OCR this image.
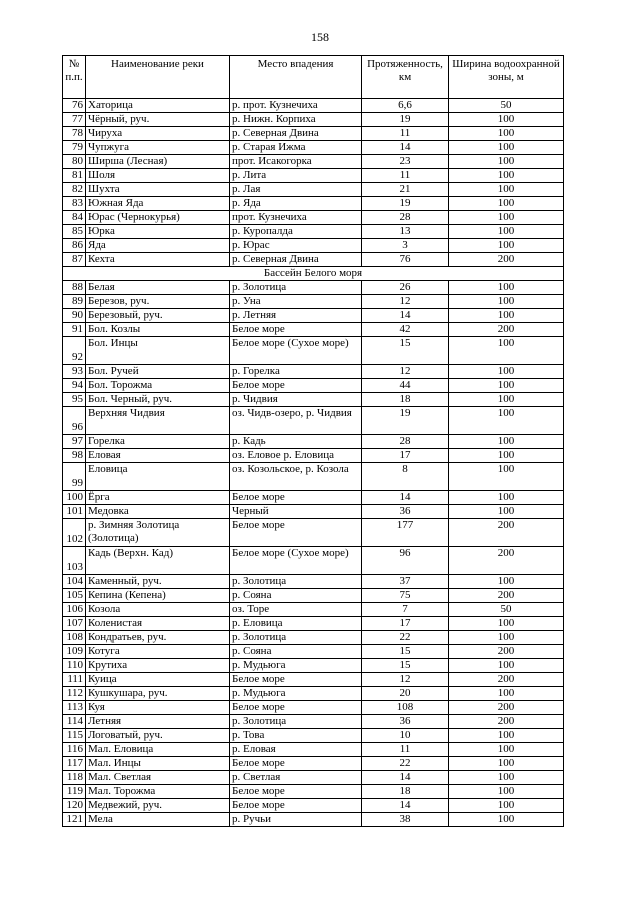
158
№ п.п.	Наименование реки	Место впадения	Протяженность, км	Ширина водоохранной зоны, м
76	Хаторица	р. прот. Кузнечиха	6,6	50
77	Чёрный, руч.	р. Нижн. Корпиха	19	100
78	Чируха	р. Северная Двина	11	100
79	Чупжуга	р. Старая Ижма	14	100
80	Ширша (Лесная)	прот. Исакогорка	23	100
81	Шоля	р. Лита	11	100
82	Шухта	р. Лая	21	100
83	Южная Яда	р. Яда	19	100
84	Юрас (Чернокурья)	прот. Кузнечиха	28	100
85	Юрка	р. Куропалда	13	100
86	Яда	р. Юрас	3	100
87	Кехта	р. Северная Двина	76	200
Бассейн Белого моря				
88	Белая	р. Золотица	26	100
89	Березов, руч.	р. Уна	12	100
90	Березовый, руч.	р. Летняя	14	100
91	Бол. Козлы	Белое море	42	200
92	Бол. Инцы	Белое море (Сухое море)	15	100
93	Бол. Ручей	р. Горелка	12	100
94	Бол. Торожма	Белое море	44	100
95	Бол. Черный, руч.	р. Чидвия	18	100
96	Верхняя Чидвия	оз. Чидв-озеро, р. Чидвия	19	100
97	Горелка	р. Кадь	28	100
98	Еловая	оз. Еловое р. Еловица	17	100
99	Еловица	оз. Козольское, р. Козола	8	100
100	Ёрга	Белое море	14	100
101	Медовка	Черный	36	100
102	р. Зимняя Золотица (Золотица)	Белое море	177	200
103	Кадь (Верхн. Кад)	Белое море (Сухое море)	96	200
104	Каменный, руч.	р. Золотица	37	100
105	Кепина (Кепена)	р. Сояна	75	200
106	Козола	оз. Торе	7	50
107	Коленистая	р. Еловица	17	100
108	Кондратьев, руч.	р. Золотица	22	100
109	Котуга	р. Сояна	15	200
110	Крутиха	р. Мудьюга	15	100
111	Куица	Белое море	12	200
112	Кушкушара, руч.	р. Мудьюга	20	100
113	Куя	Белое море	108	200
114	Летняя	р. Золотица	36	200
115	Логоватый, руч.	р. Това	10	100
116	Мал. Еловица	р. Еловая	11	100
117	Мал. Инцы	Белое море	22	100
118	Мал. Светлая	р. Светлая	14	100
119	Мал. Торожма	Белое море	18	100
120	Медвежий, руч.	Белое море	14	100
121	Мела	р. Ручьи	38	100
